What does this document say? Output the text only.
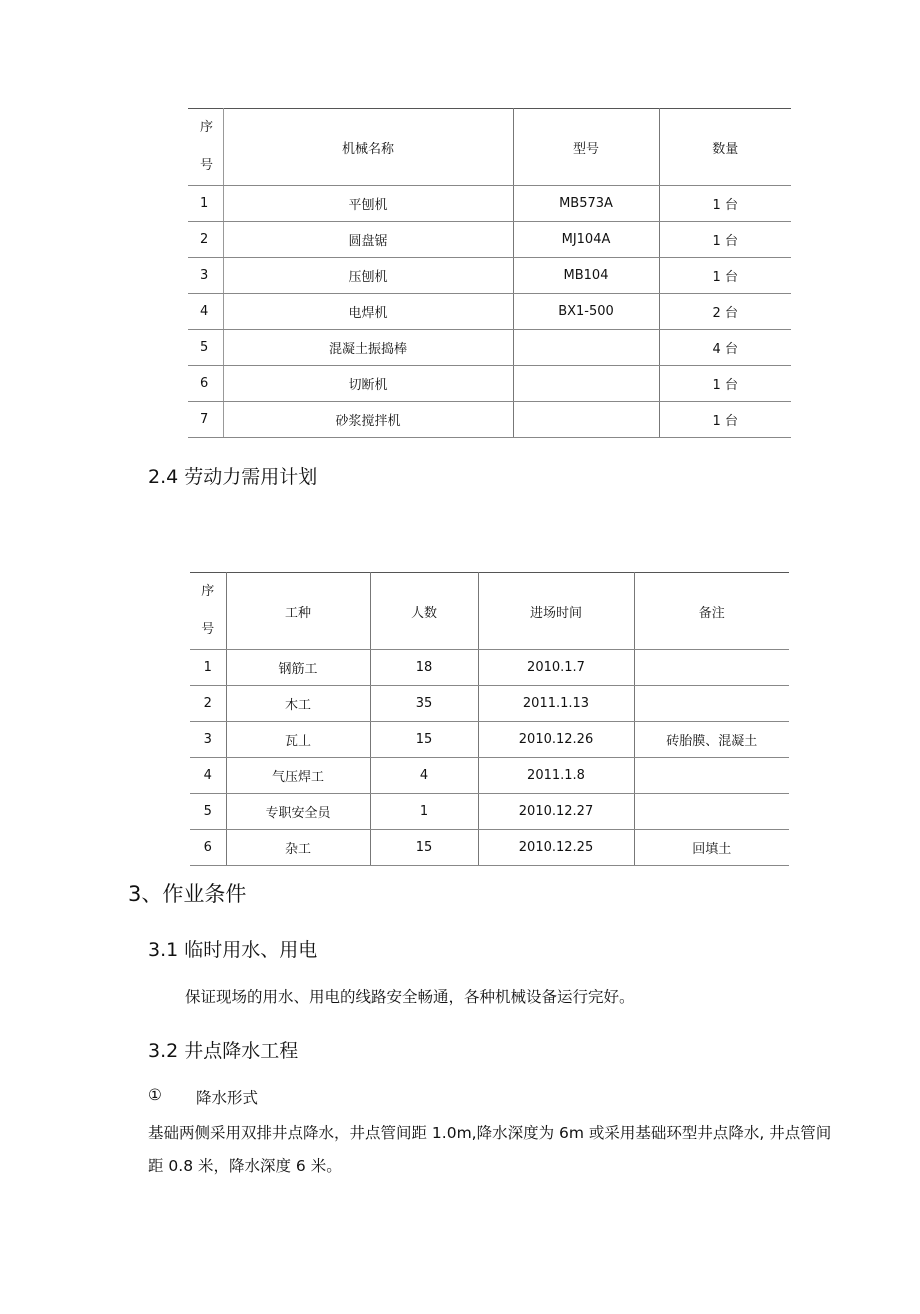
序
号	机械名称	型号	数量
1	平刨机	MB573A	1 台
2	圆盘锯	MJ104A	1 台
3	压刨机	MB104	1 台
4	电焊机	BX1-500	2 台
5	混凝土振捣棒		4 台
6	切断机		1 台
7	砂浆搅拌机		1 台
2.4 劳动力需用计划
序
号	工种	人数	进场时间	备注
1	钢筋工	18	2010.1.7	
2	木工	35	2011.1.13	
3	瓦丄	15	2010.12.26	砖胎膜、混凝土
4	气压焊工	4	2011.1.8	
5	专职安全员	1	2010.12.27	
6	杂工	15	2010.12.25	回填土
3、作业条件
3.1 临时用水、用电
保证现场的用水、用电的线路安全畅通，各种机械设备运行完好。
3.2 井点降水工程
① 降水形式
基础两侧采用双排井点降水，井点管间距 1.0m,降水深度为 6m 或采用基础环型井点降水, 井点管间
距 0.8 米，降水深度 6 米。
